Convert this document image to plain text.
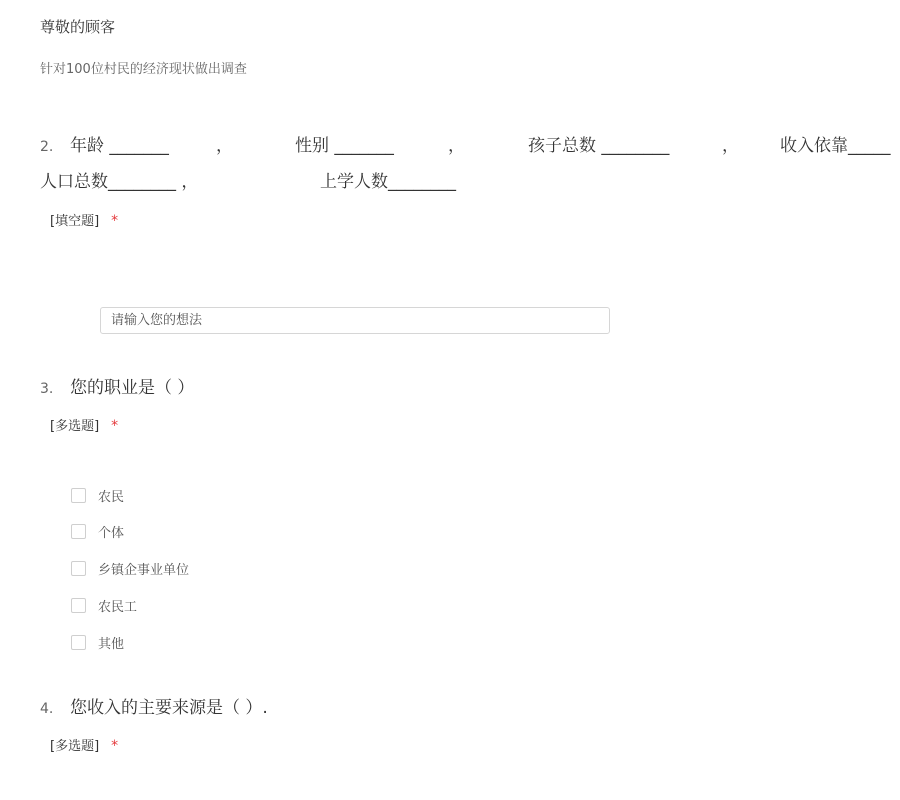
尊敬的顾客
针对100位村民的经济现状做出调查
2. 年龄 _______	，	性别 _______	，	孩子总数 ________	， 收入依靠_____
人口总数________ ，	上学人数________
[填空题] *
请输入您的想法
3. 您的职业是（ ）
[多选题] *
农民
个体
乡镇企事业单位
农民工
其他
4. 您收入的主要来源是（ ）.
[多选题] *
